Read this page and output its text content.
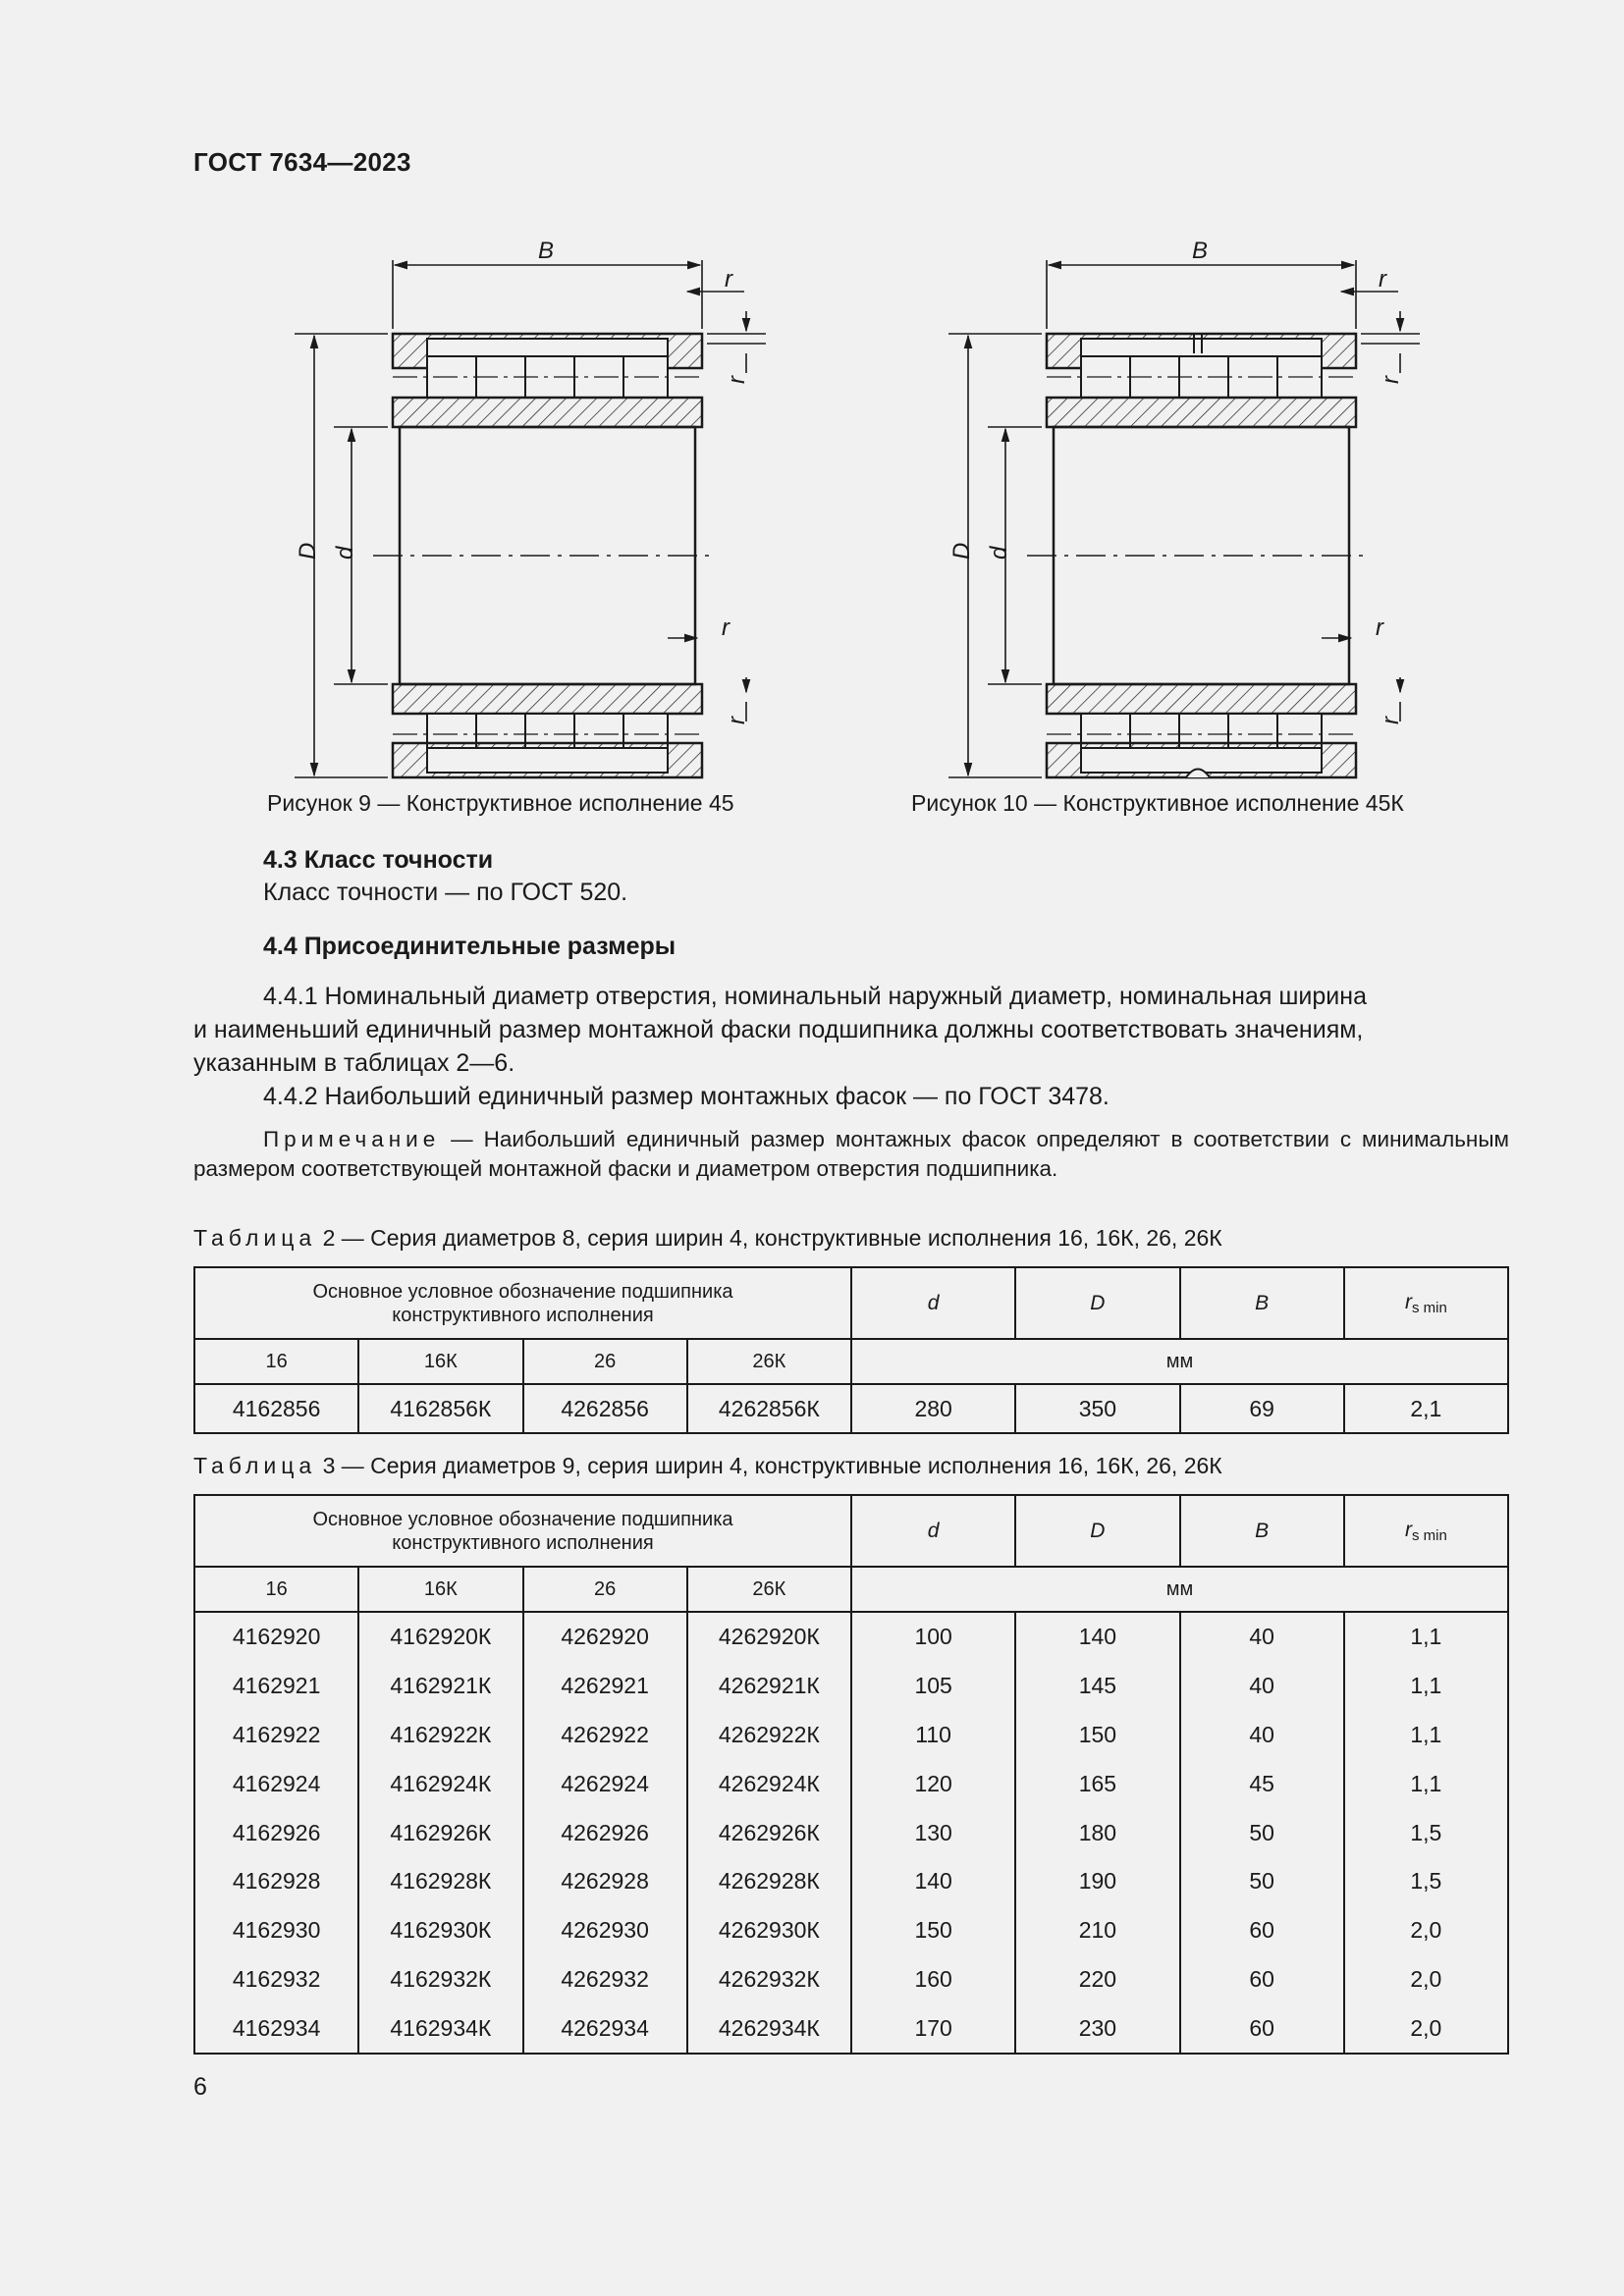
ГОСТ 7634—2023
B
r
r
r
r
D d
Рисунок 9 — Конструктивное исполнение 45
B
r
r
r
r
D d
Рисунок 10 — Конструктивное исполнение 45К
4.3 Класс точности
Класс точности — по ГОСТ 520.
4.4 Присоединительные размеры
4.4.1 Номинальный диаметр отверстия, номинальный наружный диаметр, номинальная ширина
и наименьший единичный размер монтажной фаски подшипника должны соответствовать значениям,
указанным в таблицах 2—6.
4.4.2 Наибольший единичный размер монтажных фасок — по ГОСТ 3478.
Примечание — Наибольший единичный размер монтажных фасок определяют в соответствии с минимальным размером соответствующей монтажной фаски и диаметром отверстия подшипника.
Таблица 2 — Серия диаметров 8, серия ширин 4, конструктивные исполнения 16, 16К, 26, 26К
Основное условное обозначение подшипника
конструктивного исполнения				d	D	B	$r_{s min}$
16	16К	26	26К	мм			
4162856	4162856К	4262856	4262856К	280	350	69	2,1
Таблица 3 — Серия диаметров 9, серия ширин 4, конструктивные исполнения 16, 16К, 26, 26К
Основное условное обозначение подшипника
конструктивного исполнения				d	D	B	$r_{s min}$
16	16К	26	26К	мм			
4162920	4162920К	4262920	4262920К	100	140	40	1,1
4162921	4162921К	4262921	4262921К	105	145	40	1,1
4162922	4162922К	4262922	4262922К	110	150	40	1,1
4162924	4162924К	4262924	4262924К	120	165	45	1,1
4162926	4162926К	4262926	4262926К	130	180	50	1,5
4162928	4162928К	4262928	4262928К	140	190	50	1,5
4162930	4162930К	4262930	4262930К	150	210	60	2,0
4162932	4162932К	4262932	4262932К	160	220	60	2,0
4162934	4162934К	4262934	4262934К	170	230	60	2,0
6
